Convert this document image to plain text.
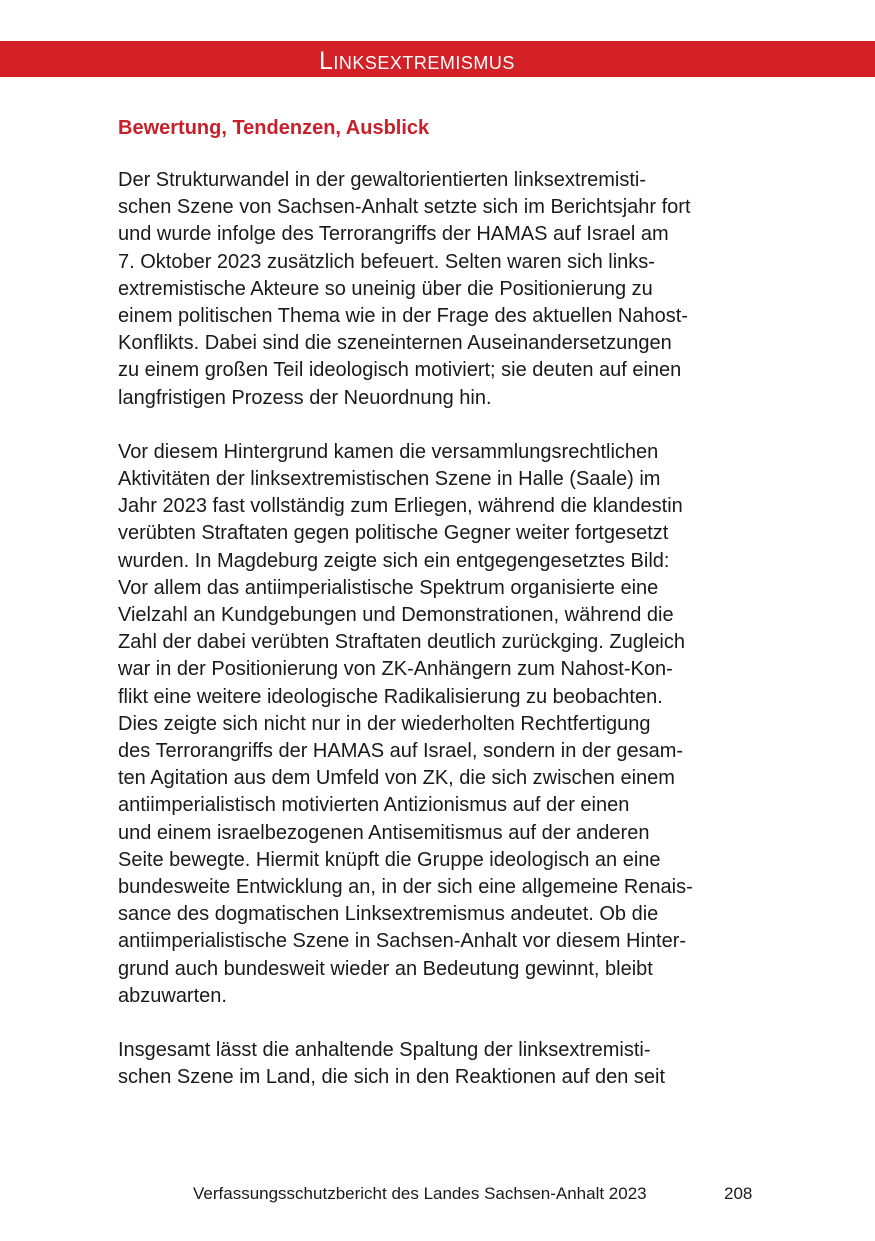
Linksextremismus
Bewertung, Tendenzen, Ausblick
Der Strukturwandel in der gewaltorientierten linksextremisti-
schen Szene von Sachsen-Anhalt setzte sich im Berichtsjahr fort
und wurde infolge des Terrorangriffs der HAMAS auf Israel am
7. Oktober 2023 zusätzlich befeuert. Selten waren sich links-
extremistische Akteure so uneinig über die Positionierung zu
einem politischen Thema wie in der Frage des aktuellen Nahost-
Konflikts. Dabei sind die szeneinternen Auseinandersetzungen
zu einem großen Teil ideologisch motiviert; sie deuten auf einen
langfristigen Prozess der Neuordnung hin.
Vor diesem Hintergrund kamen die versammlungsrechtlichen
Aktivitäten der linksextremistischen Szene in Halle (Saale) im
Jahr 2023 fast vollständig zum Erliegen, während die klandestin
verübten Straftaten gegen politische Gegner weiter fortgesetzt
wurden. In Magdeburg zeigte sich ein entgegengesetztes Bild:
Vor allem das antiimperialistische Spektrum organisierte eine
Vielzahl an Kundgebungen und Demonstrationen, während die
Zahl der dabei verübten Straftaten deutlich zurückging. Zugleich
war in der Positionierung von ZK-Anhängern zum Nahost-Kon-
flikt eine weitere ideologische Radikalisierung zu beobachten.
Dies zeigte sich nicht nur in der wiederholten Rechtfertigung
des Terrorangriffs der HAMAS auf Israel, sondern in der gesam-
ten Agitation aus dem Umfeld von ZK, die sich zwischen einem
antiimperialistisch motivierten Antizionismus auf der einen
und einem israelbezogenen Antisemitismus auf der anderen
Seite bewegte. Hiermit knüpft die Gruppe ideologisch an eine
bundesweite Entwicklung an, in der sich eine allgemeine Renais-
sance des dogmatischen Linksextremismus andeutet. Ob die
antiimperialistische Szene in Sachsen-Anhalt vor diesem Hinter-
grund auch bundesweit wieder an Bedeutung gewinnt, bleibt
abzuwarten.
Insgesamt lässt die anhaltende Spaltung der linksextremisti-
schen Szene im Land, die sich in den Reaktionen auf den seit
Verfassungsschutzbericht des Landes Sachsen-Anhalt 2023	208
